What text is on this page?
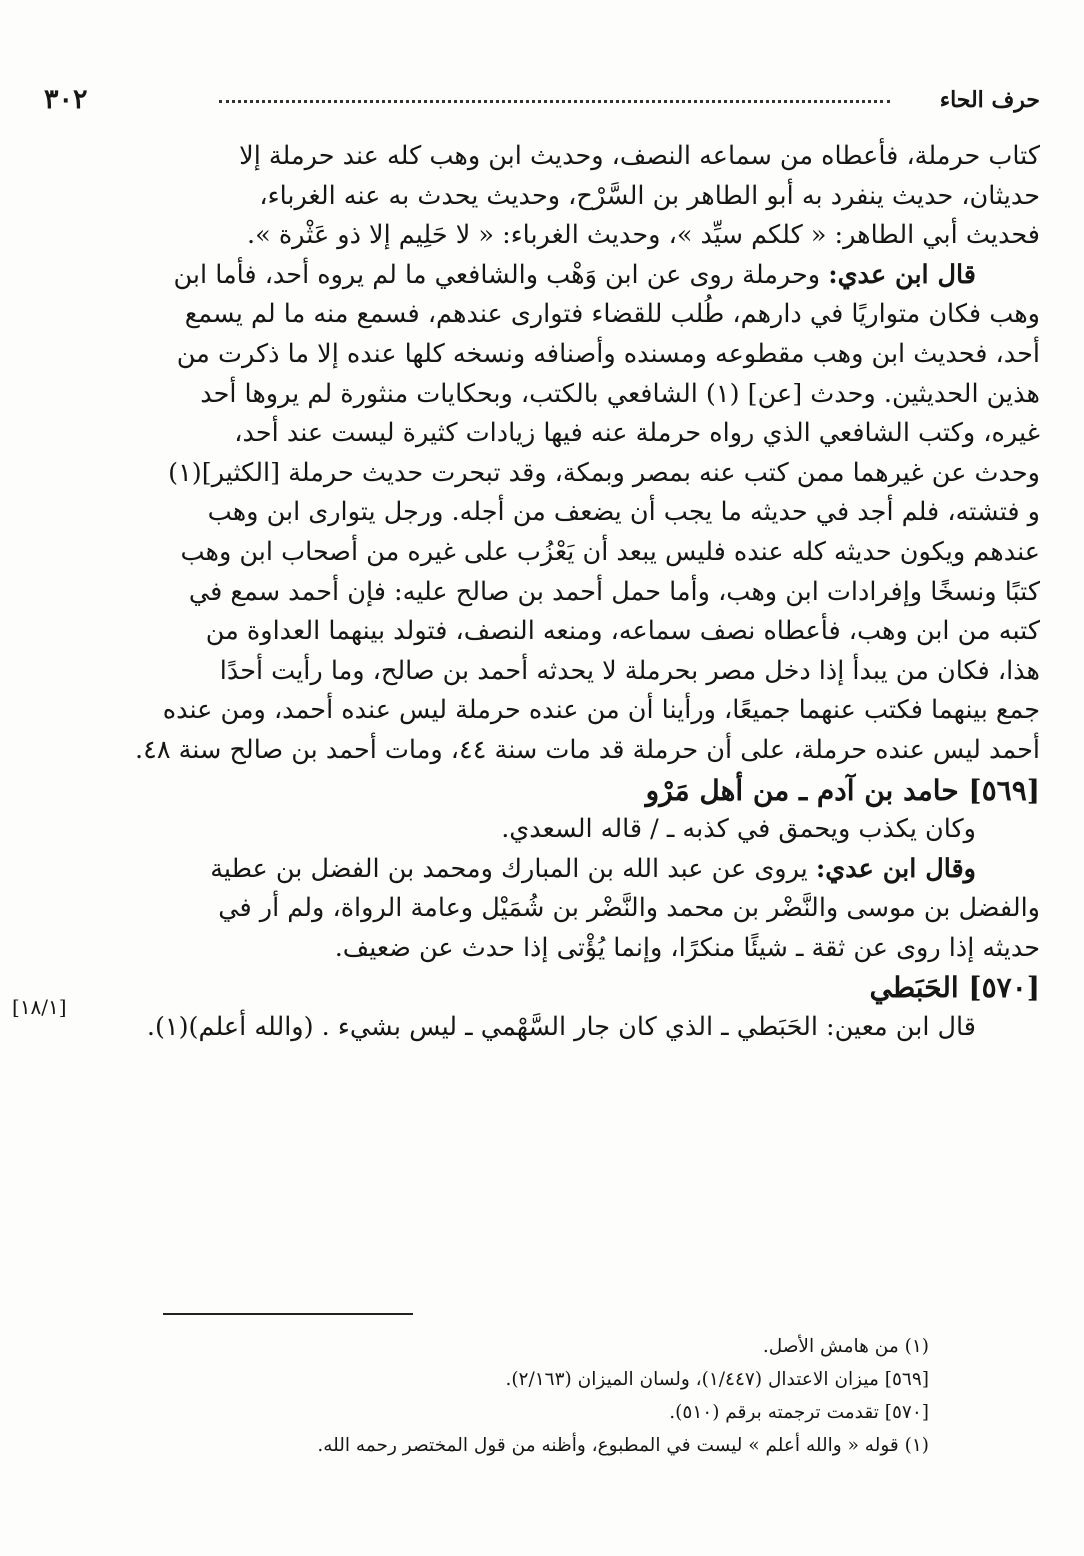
حرف الحاء
٣٠٢

كتاب حرملة، فأعطاه من سماعه النصف، وحديث ابن وهب كله عند حرملة إلا

حديثان، حديث ينفرد به أبو الطاهر بن السَّرْح، وحديث يحدث به عنه الغرباء،

فحديث أبي الطاهر: « كلكم سيِّد »، وحديث الغرباء: « لا حَلِيم إلا ذو عَثْرة ».

قال ابن عدي: وحرملة روى عن ابن وَهْب والشافعي ما لم يروه أحد، فأما ابن

وهب فكان متواريًا في دارهم، طُلب للقضاء فتوارى عندهم، فسمع منه ما لم يسمع

أحد، فحديث ابن وهب مقطوعه ومسنده وأصنافه ونسخه كلها عنده إلا ما ذكرت من

هذين الحديثين. وحدث [عن] (١) الشافعي بالكتب، وبحكايات منثورة لم يروها أحد

غيره، وكتب الشافعي الذي رواه حرملة عنه فيها زيادات كثيرة ليست عند أحد،

وحدث عن غيرهما ممن كتب عنه بمصر وبمكة، وقد تبحرت حديث حرملة [الكثير](١)

و فتشته، فلم أجد في حديثه ما يجب أن يضعف من أجله. ورجل يتوارى ابن وهب

عندهم ويكون حديثه كله عنده فليس يبعد أن يَعْزُب على غيره من أصحاب ابن وهب

كتبًا ونسخًا وإفرادات ابن وهب، وأما حمل أحمد بن صالح عليه: فإن أحمد سمع في

كتبه من ابن وهب، فأعطاه نصف سماعه، ومنعه النصف، فتولد بينهما العداوة من

هذا، فكان من يبدأ إذا دخل مصر بحرملة لا يحدثه أحمد بن صالح، وما رأيت أحدًا

جمع بينهما فكتب عنهما جميعًا، ورأينا أن من عنده حرملة ليس عنده أحمد، ومن عنده

أحمد ليس عنده حرملة، على أن حرملة قد مات سنة ٤٤، ومات أحمد بن صالح سنة ٤٨.

[٥٦٩] حامد بن آدم ـ من أهل مَرْو

وكان يكذب ويحمق في كذبه ـ / قاله السعدي.

وقال ابن عدي: يروى عن عبد الله بن المبارك ومحمد بن الفضل بن عطية

والفضل بن موسى والنَّضْر بن محمد والنَّضْر بن شُمَيْل وعامة الرواة، ولم أر في

حديثه إذا روى عن ثقة ـ شيئًا منكرًا، وإنما يُؤْتى إذا حدث عن ضعيف.

[٥٧٠] الحَبَطي

قال ابن معين: الحَبَطي ـ الذي كان جار السَّهْمي ـ ليس بشيء . (والله أعلم)(١).

[١٨/١]

(١) من هامش الأصل.

[٥٦٩] ميزان الاعتدال (١/٤٤٧)، ولسان الميزان (٢/١٦٣).

[٥٧٠] تقدمت ترجمته برقم (٥١٠).

(١) قوله « والله أعلم » ليست في المطبوع، وأظنه من قول المختصر رحمه الله.
